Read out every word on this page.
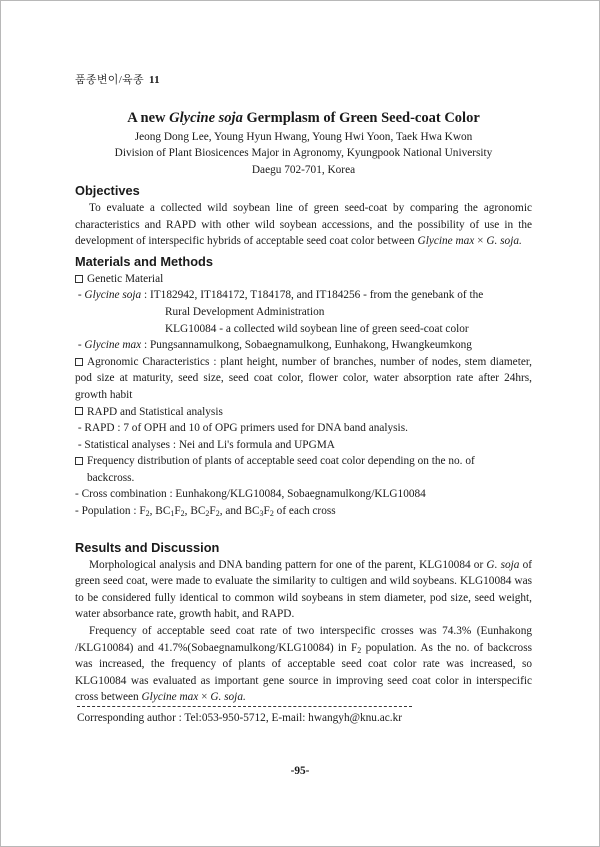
품종변이/육종 11
A new Glycine soja Germplasm of Green Seed-coat Color
Jeong Dong Lee, Young Hyun Hwang, Young Hwi Yoon, Taek Hwa Kwon
Division of Plant Biosicences Major in Agronomy, Kyungpook National University
Daegu 702-701, Korea
Objectives
To evaluate a collected wild soybean line of green seed-coat by comparing the agronomic characteristics and RAPD with other wild soybean accessions, and the possibility of use in the development of interspecific hybrids of acceptable seed coat color between Glycine max × G. soja.
Materials and Methods
Genetic Material
- Glycine soja : IT182942, IT184172, T184178, and IT184256 - from the genebank of the
Rural Development Administration
KLG10084 - a collected wild soybean line of green seed-coat color
- Glycine max : Pungsannamulkong, Sobaegnamulkong, Eunhakong, Hwangkeumkong
Agronomic Characteristics : plant height, number of branches, number of nodes, stem diameter, pod size at maturity, seed size, seed coat color, flower color, water absorption rate after 24hrs, growth habit
RAPD and Statistical analysis
- RAPD : 7 of OPH and 10 of OPG primers used for DNA band analysis.
- Statistical analyses : Nei and Li's formula and UPGMA
Frequency distribution of plants of acceptable seed coat color depending on the no. of
backcross.
- Cross combination : Eunhakong/KLG10084, Sobaegnamulkong/KLG10084
- Population : $F_2$, $BC_1F_2$, $BC_2F_2$, and $BC_3F_2$ of each cross
Results and Discussion
Morphological analysis and DNA banding pattern for one of the parent, KLG10084 or G. soja of green seed coat, were made to evaluate the similarity to cultigen and wild soybeans. KLG10084 was to be considered fully identical to common wild soybeans in stem diameter, pod size, seed weight, water absorbance rate, growth habit, and RAPD.
Frequency of acceptable seed coat rate of two interspecific crosses was 74.3% (Eunhakong /KLG10084) and 41.7%(Sobaegnamulkong/KLG10084) in $F_2$ population. As the no. of backcross was increased, the frequency of plants of acceptable seed coat color rate was increased, so KLG10084 was evaluated as important gene source in improving seed coat color in interspecific cross between Glycine max × G. soja.
Corresponding author : Tel:053-950-5712, E-mail: hwangyh@knu.ac.kr
-95-
